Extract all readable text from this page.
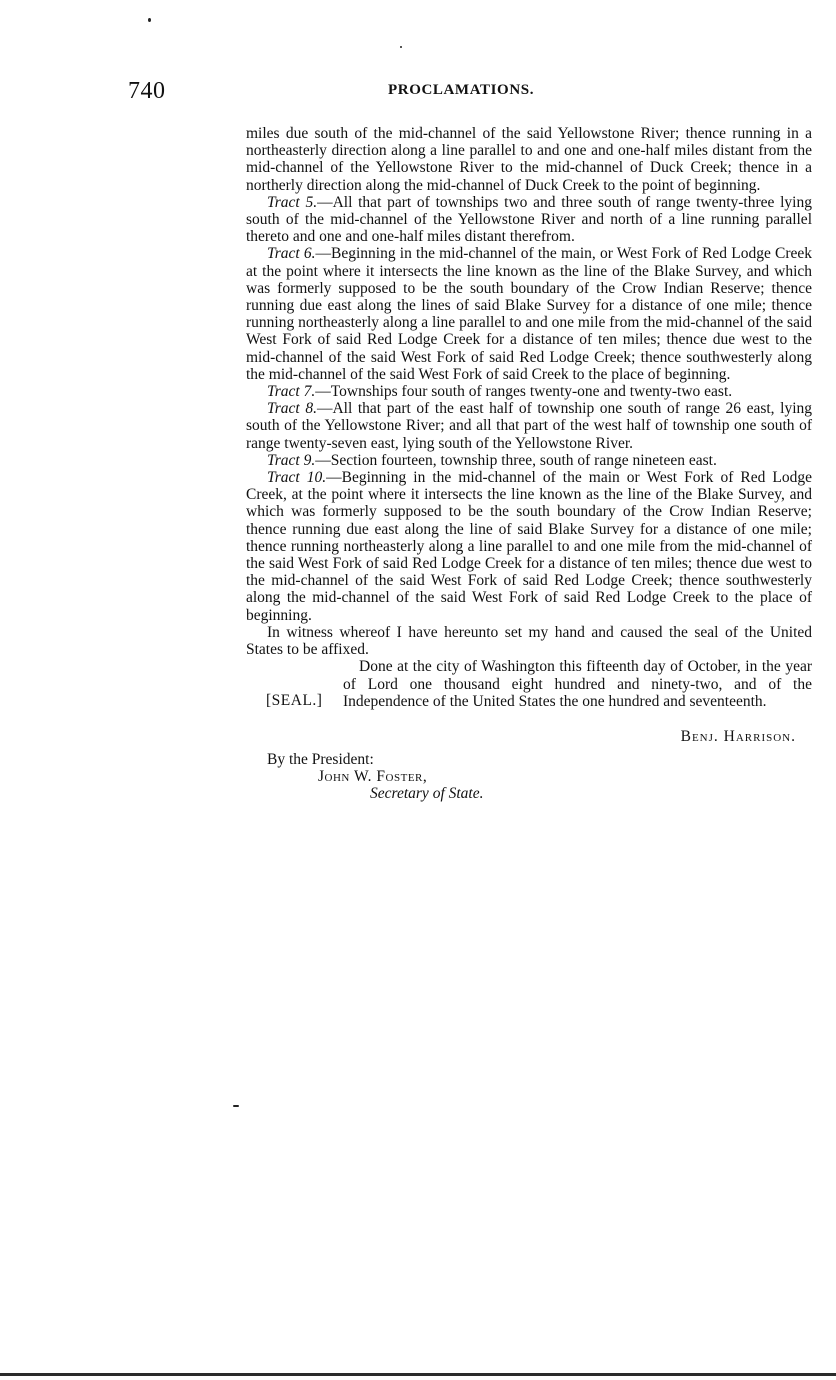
740	PROCLAMATIONS.

miles due south of the mid-channel of the said Yellowstone River; thence running in a northeasterly direction along a line parallel to and one and one-half miles distant from the mid-channel of the Yellowstone River to the mid-channel of Duck Creek; thence in a northerly direction along the mid-channel of Duck Creek to the point of beginning.

Tract 5.—All that part of townships two and three south of range twenty-three lying south of the mid-channel of the Yellowstone River and north of a line running parallel thereto and one and one-half miles distant therefrom.

Tract 6.—Beginning in the mid-channel of the main, or West Fork of Red Lodge Creek at the point where it intersects the line known as the line of the Blake Survey, and which was formerly supposed to be the south boundary of the Crow Indian Reserve; thence running due east along the lines of said Blake Survey for a distance of one mile; thence running northeasterly along a line parallel to and one mile from the mid-channel of the said West Fork of said Red Lodge Creek for a distance of ten miles; thence due west to the mid-channel of the said West Fork of said Red Lodge Creek; thence southwesterly along the mid-channel of the said West Fork of said Creek to the place of beginning.

Tract 7.—Townships four south of ranges twenty-one and twenty-two east.

Tract 8.—All that part of the east half of township one south of range 26 east, lying south of the Yellowstone River; and all that part of the west half of township one south of range twenty-seven east, lying south of the Yellowstone River.

Tract 9.—Section fourteen, township three, south of range nineteen east.

Tract 10.—Beginning in the mid-channel of the main or West Fork of Red Lodge Creek, at the point where it intersects the line known as the line of the Blake Survey, and which was formerly supposed to be the south boundary of the Crow Indian Reserve; thence running due east along the line of said Blake Survey for a distance of one mile; thence running northeasterly along a line parallel to and one mile from the mid-channel of the said West Fork of said Red Lodge Creek for a distance of ten miles; thence due west to the mid-channel of the said West Fork of said Red Lodge Creek; thence southwesterly along the mid-channel of the said West Fork of said Red Lodge Creek to the place of beginning.

In witness whereof I have hereunto set my hand and caused the seal of the United States to be affixed.

[SEAL.]

Done at the city of Washington this fifteenth day of October, in the year of Lord one thousand eight hundred and ninety-two, and of the Independence of the United States the one hundred and seventeenth.

Benj. Harrison.

By the President:

John W. Foster,

Secretary of State.
